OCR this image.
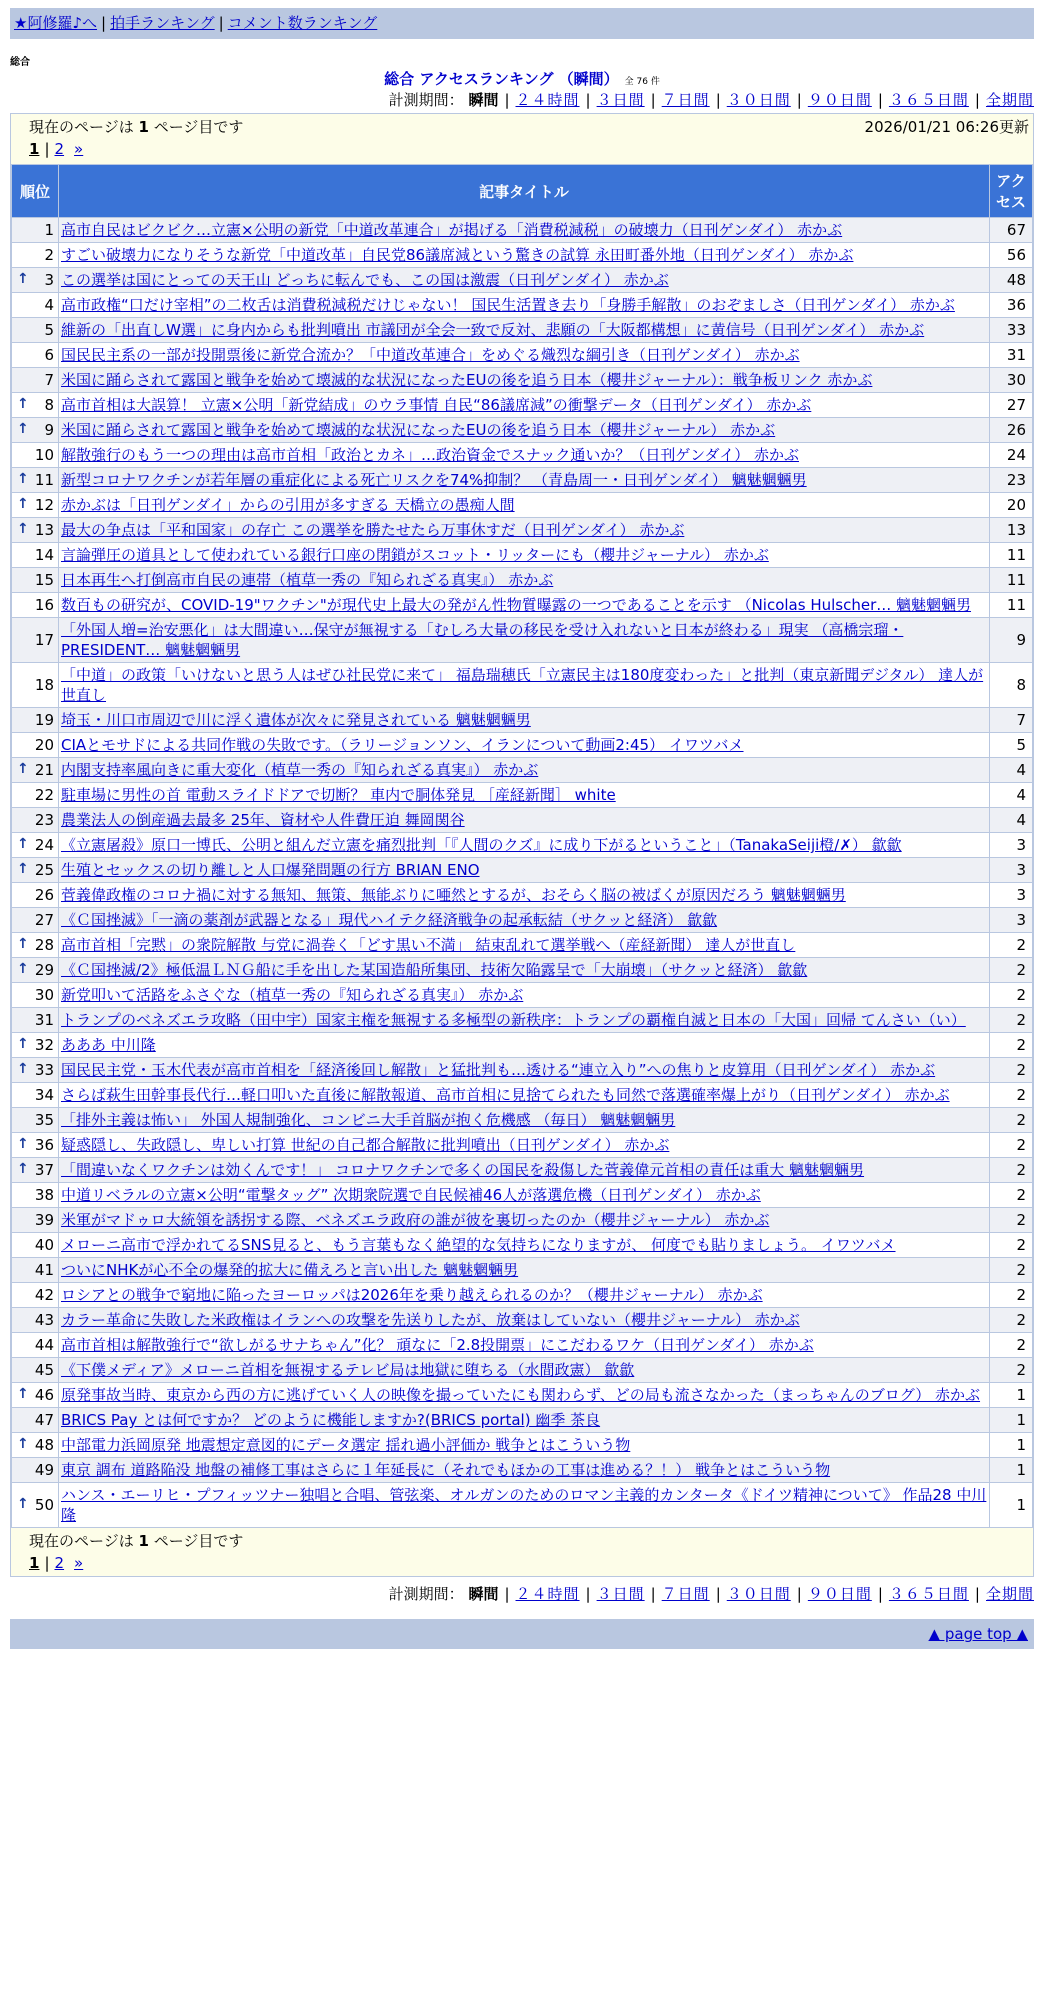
★阿修羅♪へ | 拍手ランキング | コメント数ランキング
総合
総合 アクセスランキング （瞬間） 全 76 件
計測期間： 瞬間 | ２４時間 | ３日間 | ７日間 | ３０日間 | ９０日間 | ３６５日間 | 全期間
現在のページは 1 ページ目です	2026/01/21 06:26更新
1 | 2 »
順位	記事タイトル	アクセス
1	高市自民はビクビク…立憲×公明の新党「中道改革連合」が掲げる「消費税減税」の破壊力（日刊ゲンダイ） 赤かぶ	67
2	すごい破壊力になりそうな新党「中道改革」自民党86議席減という驚きの試算 永田町番外地（日刊ゲンダイ） 赤かぶ	56

↑ 3	この選挙は国にとっての天王山 どっちに転んでも、この国は激震（日刊ゲンダイ） 赤かぶ	48
4	高市政権“口だけ宰相”の二枚舌は消費税減税だけじゃない！ 国民生活置き去り「身勝手解散」のおぞましさ（日刊ゲンダイ） 赤かぶ	36
5	維新の「出直しW選」に身内からも批判噴出 市議団が全会一致で反対、悲願の「大阪都構想」に黄信号（日刊ゲンダイ） 赤かぶ	33
6	国民民主系の一部が投開票後に新党合流か？「中道改革連合」をめぐる熾烈な綱引き（日刊ゲンダイ） 赤かぶ	31
7	米国に踊らされて露国と戦争を始めて壊滅的な状況になったEUの後を追う日本（櫻井ジャーナル）：戦争板リンク 赤かぶ	30

↑ 8	高市首相は大誤算！ 立憲×公明「新党結成」のウラ事情 自民“86議席減”の衝撃データ（日刊ゲンダイ） 赤かぶ	27

↑ 9	米国に踊らされて露国と戦争を始めて壊滅的な状況になったEUの後を追う日本（櫻井ジャーナル） 赤かぶ	26
10	解散強行のもう一つの理由は高市首相「政治とカネ」…政治資金でスナック通いか？（日刊ゲンダイ） 赤かぶ	24

↑ 11	新型コロナワクチンが若年層の重症化による死亡リスクを74%抑制？ （青島周一・日刊ゲンダイ） 魑魅魍魎男	23

↑ 12	赤かぶは「日刊ゲンダイ」からの引用が多すぎる 天橋立の愚痴人間	20

↑ 13	最大の争点は「平和国家」の存亡 この選挙を勝たせたら万事休すだ（日刊ゲンダイ） 赤かぶ	13
14	言論弾圧の道具として使われている銀行口座の閉鎖がスコット・リッターにも（櫻井ジャーナル） 赤かぶ	11
15	日本再生へ打倒高市自民の連帯（植草一秀の『知られざる真実』） 赤かぶ	11
16	数百もの研究が、COVID-19"ワクチン"が現代史上最大の発がん性物質曝露の一つであることを示す （Nicolas Hulscher… 魑魅魍魎男	11
17	「外国人増=治安悪化」は大間違い…保守が無視する「むしろ大量の移民を受け入れないと日本が終わる」現実 （高橋宗瑠・PRESIDENT… 魑魅魍魎男	9
18	「中道」の政策「いけないと思う人はぜひ社民党に来て」 福島瑞穂氏「立憲民主は180度変わった」と批判（東京新聞デジタル） 達人が世直し	8
19	埼玉・川口市周辺で川に浮く遺体が次々に発見されている 魑魅魍魎男	7
20	CIAとモサドによる共同作戦の失敗です。（ラリージョンソン、イランについて動画2:45） イワツバメ	5

↑ 21	内閣支持率風向きに重大変化（植草一秀の『知られざる真実』） 赤かぶ	4
22	駐車場に男性の首 電動スライドドアで切断？ 車内で胴体発見 ［産経新聞］ white	4
23	農業法人の倒産過去最多 25年、資材や人件費圧迫 舞岡関谷	4

↑ 24	《立憲屠殺》原口一博氏、公明と組んだ立憲を痛烈批判「『人間のクズ』に成り下がるということ」（TanakaSeiji橙/✗） 歙歙	3

↑ 25	生殖とセックスの切り離しと人口爆発問題の行方 BRIAN ENO	3
26	菅義偉政権のコロナ禍に対する無知、無策、無能ぶりに唖然とするが、おそらく脳の被ばくが原因だろう 魑魅魍魎男	3
27	《Ｃ国挫滅》「一滴の薬剤が武器となる」現代ハイテク経済戦争の起承転結（サクッと経済） 歙歙	3

↑ 28	高市首相「完黙」の衆院解散 与党に渦巻く「どす黒い不満」 結束乱れて選挙戦へ（産経新聞） 達人が世直し	2

↑ 29	《Ｃ国挫滅/2》極低温ＬＮＧ船に手を出した某国造船所集団、技術欠陥露呈で「大崩壊」（サクッと経済） 歙歙	2
30	新党叩いて活路をふさぐな（植草一秀の『知られざる真実』） 赤かぶ	2
31	トランプのベネズエラ攻略（田中宇）国家主権を無視する多極型の新秩序：トランプの覇権自滅と日本の「大国」回帰 てんさい（い）	2

↑ 32	あああ 中川隆	2

↑ 33	国民民主党・玉木代表が高市首相を「経済後回し解散」と猛批判も…透ける“連立入り”への焦りと皮算用（日刊ゲンダイ） 赤かぶ	2
34	さらば萩生田幹事長代行…軽口叩いた直後に解散報道、高市首相に見捨てられたも同然で落選確率爆上がり（日刊ゲンダイ） 赤かぶ	2
35	「排外主義は怖い」 外国人規制強化、コンビニ大手首脳が抱く危機感 （毎日） 魑魅魍魎男	2

↑ 36	疑惑隠し、失政隠し、卑しい打算 世紀の自己都合解散に批判噴出（日刊ゲンダイ） 赤かぶ	2

↑ 37	「間違いなくワクチンは効くんです！」 コロナワクチンで多くの国民を殺傷した菅義偉元首相の責任は重大 魑魅魍魎男	2
38	中道リベラルの立憲×公明“電撃タッグ” 次期衆院選で自民候補46人が落選危機（日刊ゲンダイ） 赤かぶ	2
39	米軍がマドゥロ大統領を誘拐する際、ベネズエラ政府の誰が彼を裏切ったのか（櫻井ジャーナル） 赤かぶ	2
40	メローニ高市で浮かれてるSNS見ると、もう言葉もなく絶望的な気持ちになりますが、 何度でも貼りましょう。 イワツバメ	2
41	ついにNHKが心不全の爆発的拡大に備えろと言い出した 魑魅魍魎男	2
42	ロシアとの戦争で窮地に陥ったヨーロッパは2026年を乗り越えられるのか？（櫻井ジャーナル） 赤かぶ	2
43	カラー革命に失敗した米政権はイランへの攻撃を先送りしたが、放棄はしていない（櫻井ジャーナル） 赤かぶ	2
44	高市首相は解散強行で“欲しがるサナちゃん”化？ 頑なに「2.8投開票」にこだわるワケ（日刊ゲンダイ） 赤かぶ	2
45	《下僕メディア》メローニ首相を無視するテレビ局は地獄に堕ちる（水間政憲） 歙歙	2

↑ 46	原発事故当時、東京から西の方に逃げていく人の映像を撮っていたにも関わらず、どの局も流さなかった（まっちゃんのブログ） 赤かぶ	1
47	BRICS Pay とは何ですか？ どのように機能しますか?(BRICS portal) 幽季 茶良	1

↑ 48	中部電力浜岡原発 地震想定意図的にデータ選定 揺れ過小評価か 戦争とはこういう物	1
49	東京 調布 道路陥没 地盤の補修工事はさらに１年延長に（それでもほかの工事は進める？！） 戦争とはこういう物	1

↑ 50	ハンス・エーリヒ・プフィッツナー独唱と合唱、管弦楽、オルガンのためのロマン主義的カンタータ《ドイツ精神について》 作品28 中川隆	1
現在のページは 1 ページ目です
1 | 2 »
計測期間： 瞬間 | ２４時間 | ３日間 | ７日間 | ３０日間 | ９０日間 | ３６５日間 | 全期間
▲ page top ▲
